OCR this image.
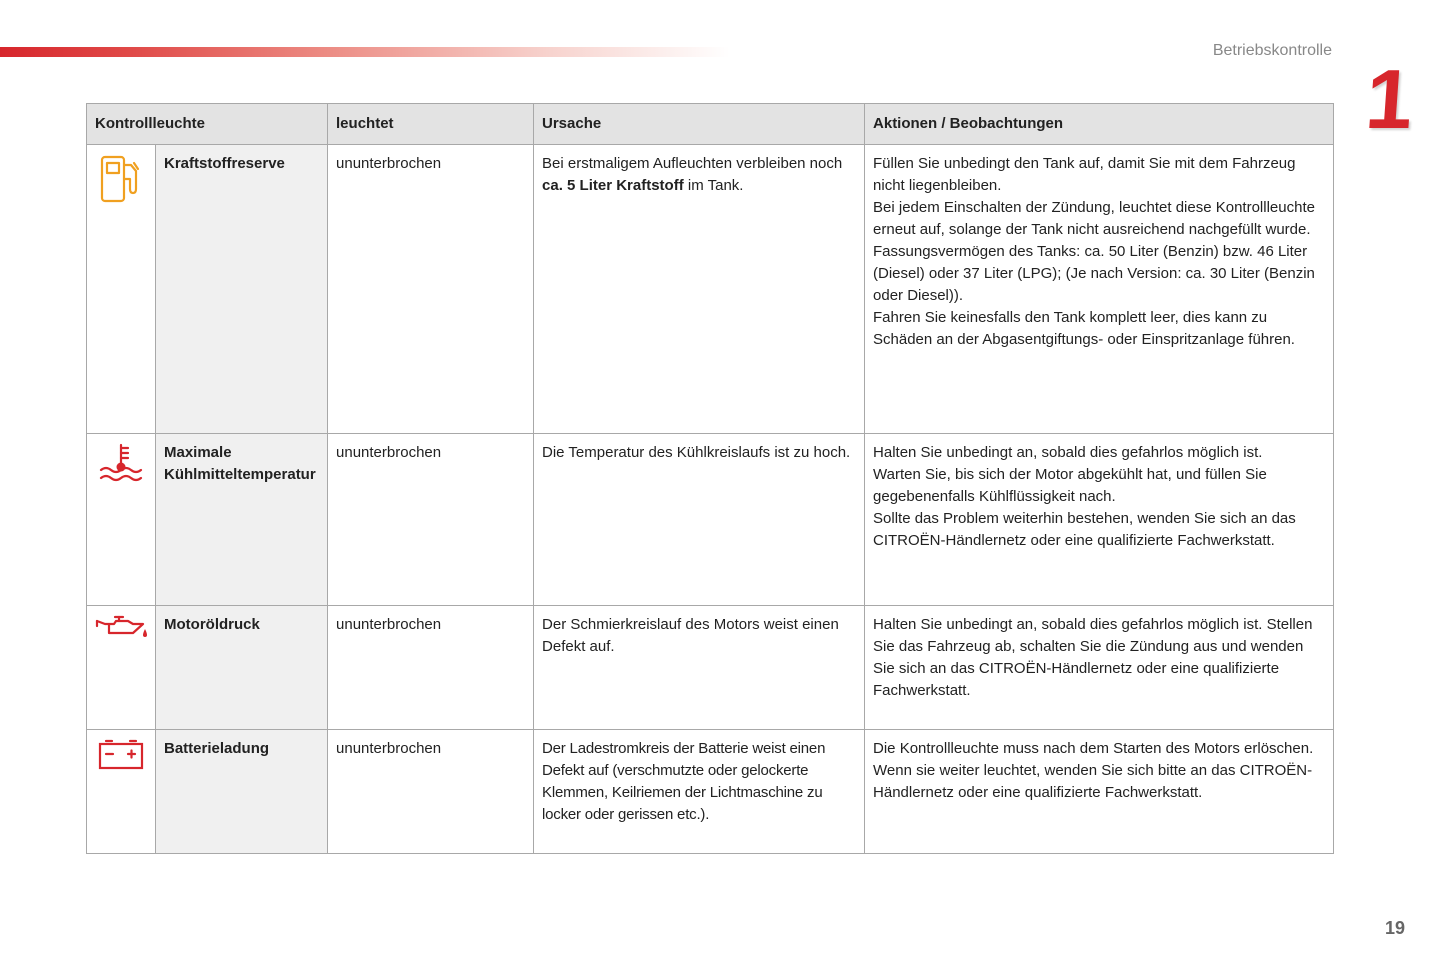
Betriebskontrolle
1
Kontrollleuchte		leuchtet	Ursache	Aktionen / Beobachtungen

Kraftstoffreserve	ununterbrochen	Bei erstmaligem Aufleuchten verbleiben noch ca. 5 Liter Kraftstoff im Tank.	Füllen Sie unbedingt den Tank auf, damit Sie mit dem Fahrzeug nicht liegenbleiben.
Bei jedem Einschalten der Zündung, leuchtet diese Kontrollleuchte erneut auf, solange der Tank nicht ausreichend nachgefüllt wurde.
Fassungsvermögen des Tanks: ca. 50 Liter (Benzin) bzw. 46 Liter (Diesel) oder 37 Liter (LPG); (Je nach Version: ca. 30 Liter (Benzin oder Diesel)).
Fahren Sie keinesfalls den Tank komplett leer, dies kann zu Schäden an der Abgasentgiftungs- oder Einspritzanlage führen.

Maximale
Kühlmitteltemperatur	ununterbrochen	Die Temperatur des Kühlkreislaufs ist zu hoch.	Halten Sie unbedingt an, sobald dies gefahrlos möglich ist.
Warten Sie, bis sich der Motor abgekühlt hat, und füllen Sie gegebenenfalls Kühlflüssigkeit nach.
Sollte das Problem weiterhin bestehen, wenden Sie sich an das CITROËN-Händlernetz oder eine qualifizierte Fachwerkstatt.

Motoröldruck	ununterbrochen	Der Schmierkreislauf des Motors weist einen Defekt auf.	Halten Sie unbedingt an, sobald dies gefahrlos möglich ist. Stellen Sie das Fahrzeug ab, schalten Sie die Zündung aus und wenden Sie sich an das CITROËN-Händlernetz oder eine qualifizierte Fachwerkstatt.

Batterieladung	ununterbrochen	Der Ladestromkreis der Batterie weist einen Defekt auf (verschmutzte oder gelockerte Klemmen, Keilriemen der Lichtmaschine zu locker oder gerissen etc.).	Die Kontrollleuchte muss nach dem Starten des Motors erlöschen.
Wenn sie weiter leuchtet, wenden Sie sich bitte an das CITROËN-Händlernetz oder eine qualifizierte Fachwerkstatt.
19
